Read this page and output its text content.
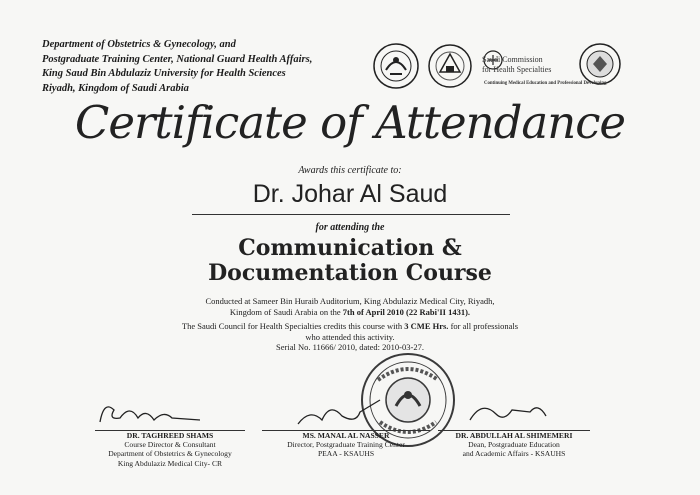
Department of Obstetrics & Gynecology, and
Postgraduate Training Center, National Guard Health Affairs,
King Saud Bin Abdulaziz University for Health Sciences
Riyadh, Kingdom of Saudi Arabia
Saudi Commission
for Health Specialties
Continuing Medical Education and Professional Developing
Certificate of Attendance
Awards this certificate to:
Dr. Johar Al Saud
for attending the
Communication &
Documentation Course

Conducted at Sameer Bin Huraib Auditorium, King Abdulaziz Medical City, Riyadh,

Kingdom of Saudi Arabia on the 7th of April 2010 (22 Rabi'II 1431).

The Saudi Council for Health Specialties credits this course with 3 CME Hrs. for all professionals

who attended this activity.

Serial No. 11666/ 2010, dated: 2010-03-27.

DR. TAGHREED SHAMS
Course Director & Consultant
Department of Obstetrics & Gynecology
King Abdulaziz Medical City- CR
MS. MANAL AL NASSER
Director, Postgraduate Training Center
PEAA - KSAUHS
DR. ABDULLAH AL SHIMEMERI
Dean, Postgraduate Education
and Academic Affairs - KSAUHS
